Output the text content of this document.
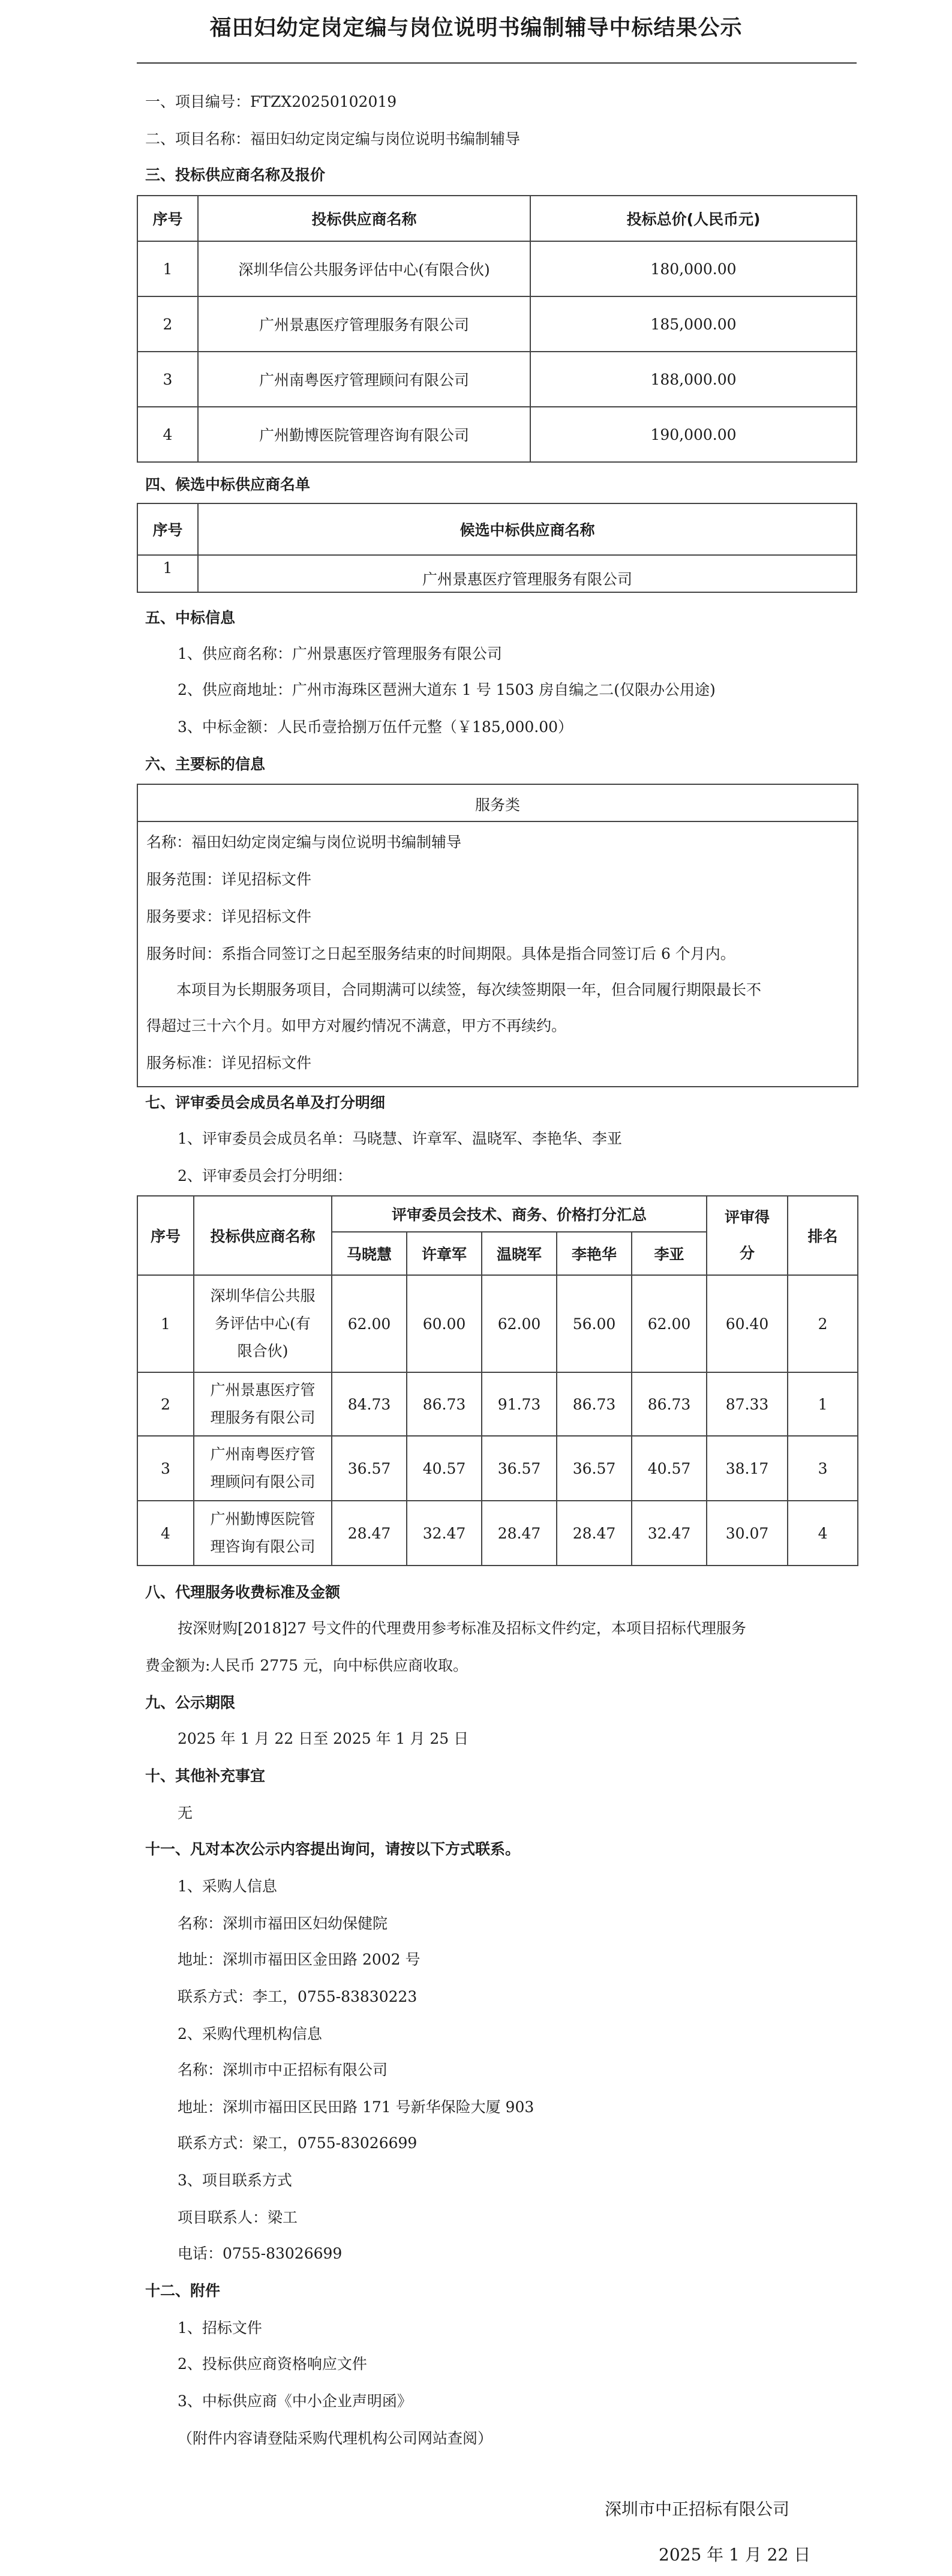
福田妇幼定岗定编与岗位说明书编制辅导中标结果公示
一、项目编号：FTZX20250102019
二、项目名称：福田妇幼定岗定编与岗位说明书编制辅导
三、投标供应商名称及报价
序号	投标供应商名称	投标总价(人民币元)
1	深圳华信公共服务评估中心(有限合伙)	180,000.00
2	广州景惠医疗管理服务有限公司	185,000.00
3	广州南粤医疗管理顾问有限公司	188,000.00
4	广州勤博医院管理咨询有限公司	190,000.00
四、候选中标供应商名单
序号	候选中标供应商名称
1	广州景惠医疗管理服务有限公司
五、中标信息
1、供应商名称：广州景惠医疗管理服务有限公司
2、供应商地址：广州市海珠区琶洲大道东 1 号 1503 房自编之二(仅限办公用途)
3、中标金额：人民币壹拾捌万伍仟元整（￥185,000.00）
六、主要标的信息
服务类
名称：福田妇幼定岗定编与岗位说明书编制辅导
服务范围：详见招标文件
服务要求：详见招标文件
服务时间：系指合同签订之日起至服务结束的时间期限。具体是指合同签订后 6 个月内。
本项目为长期服务项目，合同期满可以续签，每次续签期限一年，但合同履行期限最长不
得超过三十六个月。如甲方对履约情况不满意，甲方不再续约。
服务标准：详见招标文件
七、评审委员会成员名单及打分明细
1、评审委员会成员名单：马晓慧、许章军、温晓军、李艳华、李亚
2、评审委员会打分明细：
序号	投标供应商名称	评审委员会技术、商务、价格打分汇总					评审得
分	排名
		马晓慧	许章军	温晓军	李艳华	李亚		
1	深圳华信公共服
务评估中心(有
限合伙)	62.00	60.00	62.00	56.00	62.00	60.40	2
2	广州景惠医疗管
理服务有限公司	84.73	86.73	91.73	86.73	86.73	87.33	1
3	广州南粤医疗管
理顾问有限公司	36.57	40.57	36.57	36.57	40.57	38.17	3
4	广州勤博医院管
理咨询有限公司	28.47	32.47	28.47	28.47	32.47	30.07	4
八、代理服务收费标准及金额
按深财购[2018]27 号文件的代理费用参考标准及招标文件约定，本项目招标代理服务
费金额为:人民币 2775 元，向中标供应商收取。
九、公示期限
2025 年 1 月 22 日至 2025 年 1 月 25 日
十、其他补充事宜
无
十一、凡对本次公示内容提出询问，请按以下方式联系。
1、采购人信息
名称：深圳市福田区妇幼保健院
地址：深圳市福田区金田路 2002 号
联系方式：李工，0755-83830223
2、采购代理机构信息
名称：深圳市中正招标有限公司
地址：深圳市福田区民田路 171 号新华保险大厦 903
联系方式：梁工，0755-83026699
3、项目联系方式
项目联系人：梁工
电话：0755-83026699
十二、附件
1、招标文件
2、投标供应商资格响应文件
3、中标供应商《中小企业声明函》
（附件内容请登陆采购代理机构公司网站查阅）
深圳市中正招标有限公司
2025 年 1 月 22 日
